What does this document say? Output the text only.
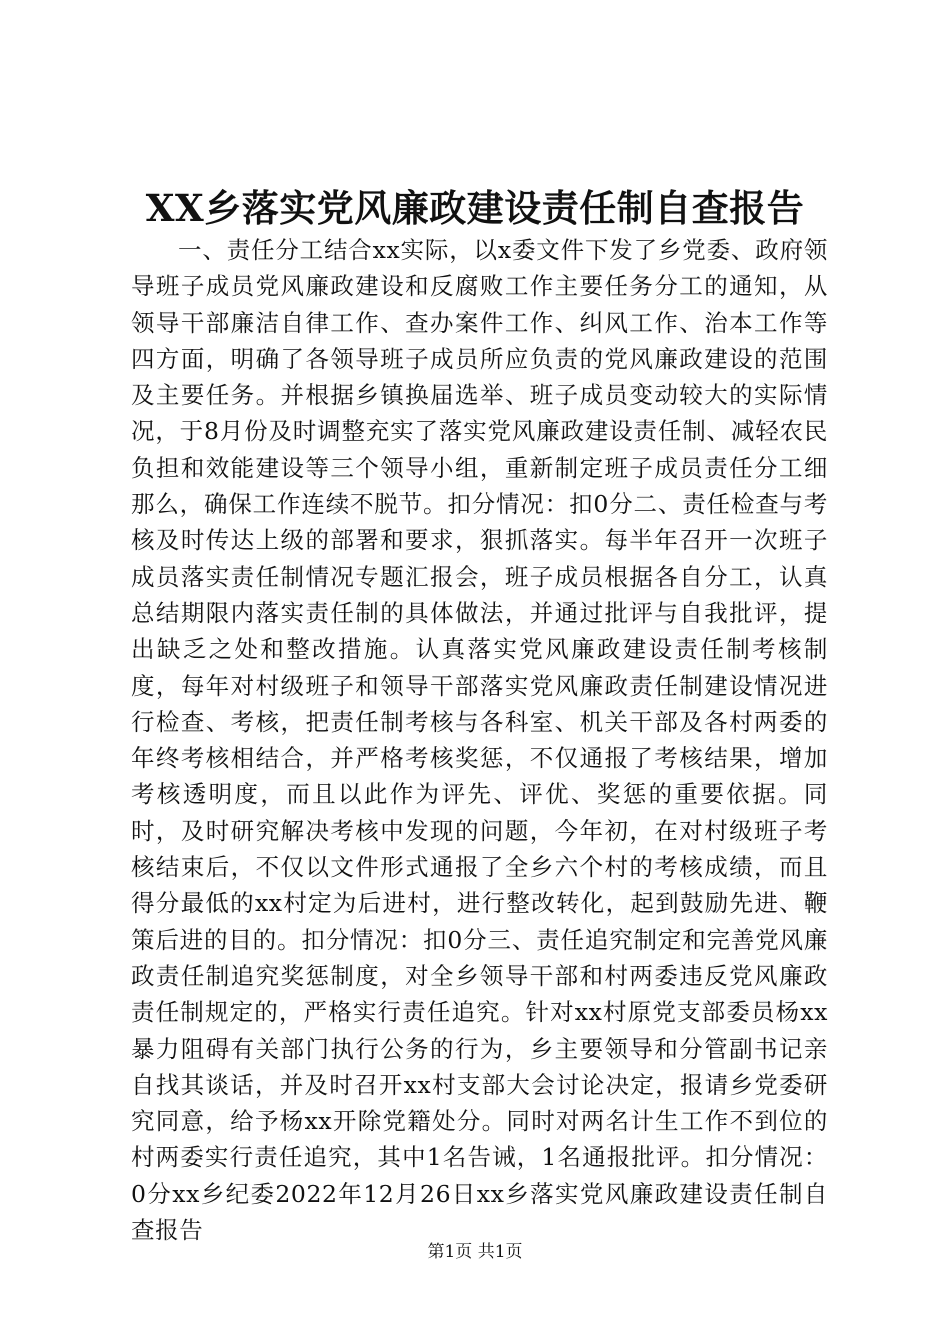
XX乡落实党风廉政建设责任制自查报告

一、责任分工结合xx实际，以x委文件下发了乡党委、政府领导班子成员党风廉政建设和反腐败工作主要任务分工的通知，从领导干部廉洁自律工作、查办案件工作、纠风工作、治本工作等四方面，明确了各领导班子成员所应负责的党风廉政建设的范围及主要任务。并根据乡镇换届选举、班子成员变动较大的实际情况，于8月份及时调整充实了落实党风廉政建设责任制、减轻农民负担和效能建设等三个领导小组，重新制定班子成员责任分工细那么，确保工作连续不脱节。扣分情况：扣0分二、责任检查与考核及时传达上级的部署和要求，狠抓落实。每半年召开一次班子成员落实责任制情况专题汇报会，班子成员根据各自分工，认真总结期限内落实责任制的具体做法，并通过批评与自我批评，提出缺乏之处和整改措施。认真落实党风廉政建设责任制考核制度，每年对村级班子和领导干部落实党风廉政责任制建设情况进行检查、考核，把责任制考核与各科室、机关干部及各村两委的年终考核相结合，并严格考核奖惩，不仅通报了考核结果，增加考核透明度，而且以此作为评先、评优、奖惩的重要依据。同时，及时研究解决考核中发现的问题，今年初，在对村级班子考核结束后，不仅以文件形式通报了全乡六个村的考核成绩，而且得分最低的xx村定为后进村，进行整改转化，起到鼓励先进、鞭策后进的目的。扣分情况：扣0分三、责任追究制定和完善党风廉政责任制追究奖惩制度，对全乡领导干部和村两委违反党风廉政责任制规定的，严格实行责任追究。针对xx村原党支部委员杨xx暴力阻碍有关部门执行公务的行为，乡主要领导和分管副书记亲自找其谈话，并及时召开xx村支部大会讨论决定，报请乡党委研究同意，给予杨xx开除党籍处分。同时对两名计生工作不到位的村两委实行责任追究，其中1名告诫，1名通报批评。扣分情况：0分xx乡纪委2022年12月26日xx乡落实党风廉政建设责任制自查报告

第1页 共1页
